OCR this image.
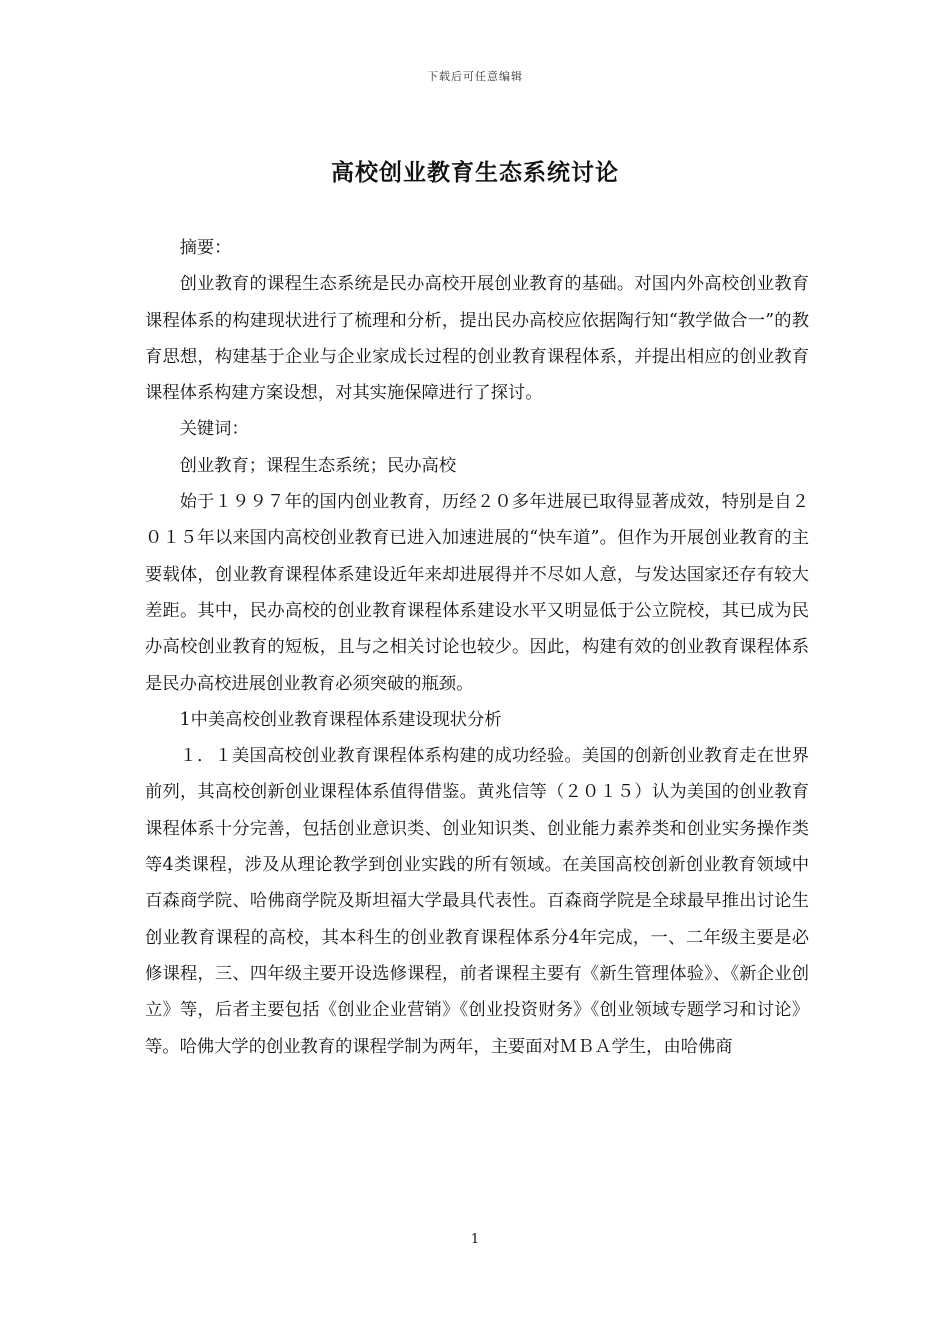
下载后可任意编辑
高校创业教育生态系统讨论

摘要：

创业教育的课程生态系统是民办高校开展创业教育的基础。对国内外高校创业教育课程体系的构建现状进行了梳理和分析，提出民办高校应依据陶行知“教学做合一”的教育思想，构建基于企业与企业家成长过程的创业教育课程体系，并提出相应的创业教育课程体系构建方案设想，对其实施保障进行了探讨。

关键词：

创业教育；课程生态系统；民办高校

始于１９９７年的国内创业教育，历经２０多年进展已取得显著成效，特别是自２０１５年以来国内高校创业教育已进入加速进展的“快车道”。但作为开展创业教育的主要载体，创业教育课程体系建设近年来却进展得并不尽如人意，与发达国家还存有较大差距。其中，民办高校的创业教育课程体系建设水平又明显低于公立院校，其已成为民办高校创业教育的短板，且与之相关讨论也较少。因此，构建有效的创业教育课程体系是民办高校进展创业教育必须突破的瓶颈。

1中美高校创业教育课程体系建设现状分析

１．１美国高校创业教育课程体系构建的成功经验。美国的创新创业教育走在世界前列，其高校创新创业课程体系值得借鉴。黄兆信等（２０１５）认为美国的创业教育课程体系十分完善，包括创业意识类、创业知识类、创业能力素养类和创业实务操作类等4类课程，涉及从理论教学到创业实践的所有领域。在美国高校创新创业教育领域中百森商学院、哈佛商学院及斯坦福大学最具代表性。百森商学院是全球最早推出讨论生创业教育课程的高校，其本科生的创业教育课程体系分4年完成，一、二年级主要是必修课程，三、四年级主要开设选修课程，前者课程主要有《新生管理体验》、《新企业创立》等，后者主要包括《创业企业营销》《创业投资财务》《创业领域专题学习和讨论》等。哈佛大学的创业教育的课程学制为两年，主要面对ＭＢＡ学生，由哈佛商

1
